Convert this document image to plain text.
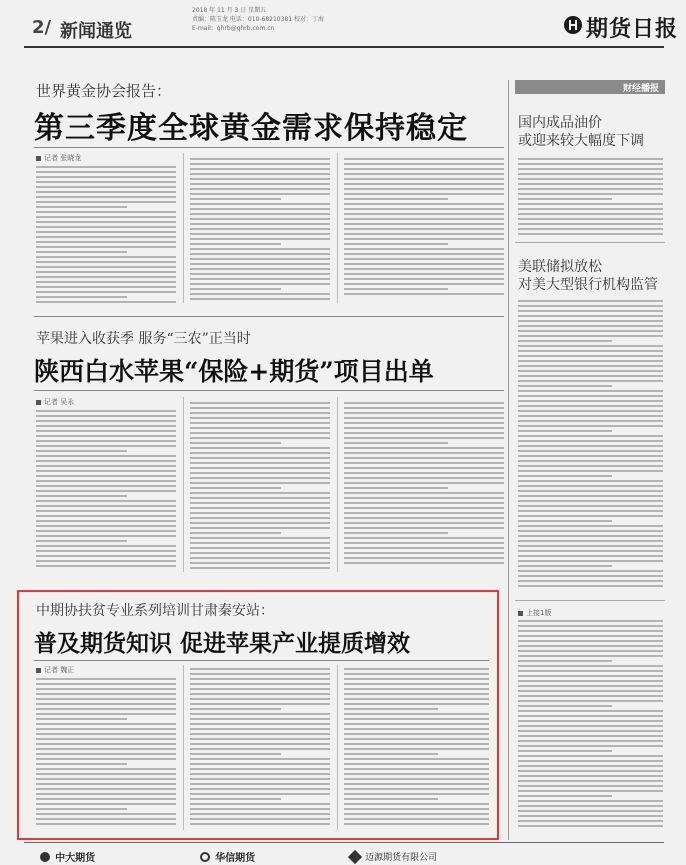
2/ 新闻通览
2018 年 11 月 3 日 星期五
责编：陈玉龙 电话：010-68210381 校对：丁海
E-mail：qhrb@qhrb.com.cn	期货日报
世界黄金协会报告：
第三季度全球黄金需求保持稳定
记者 张晓龙
苹果进入收获季 服务“三农”正当时
陕西白水苹果“保险+期货”项目出单
记者 吴永
中期协扶贫专业系列培训甘肃秦安站：
普及期货知识 促进苹果产业提质增效
记者 魏正
财经播报
国内成品油价
或迎来较大幅度下调
美联储拟放松
对美大型银行机构监管
上接1版
中大期货	华信期货	迈源期货有限公司
